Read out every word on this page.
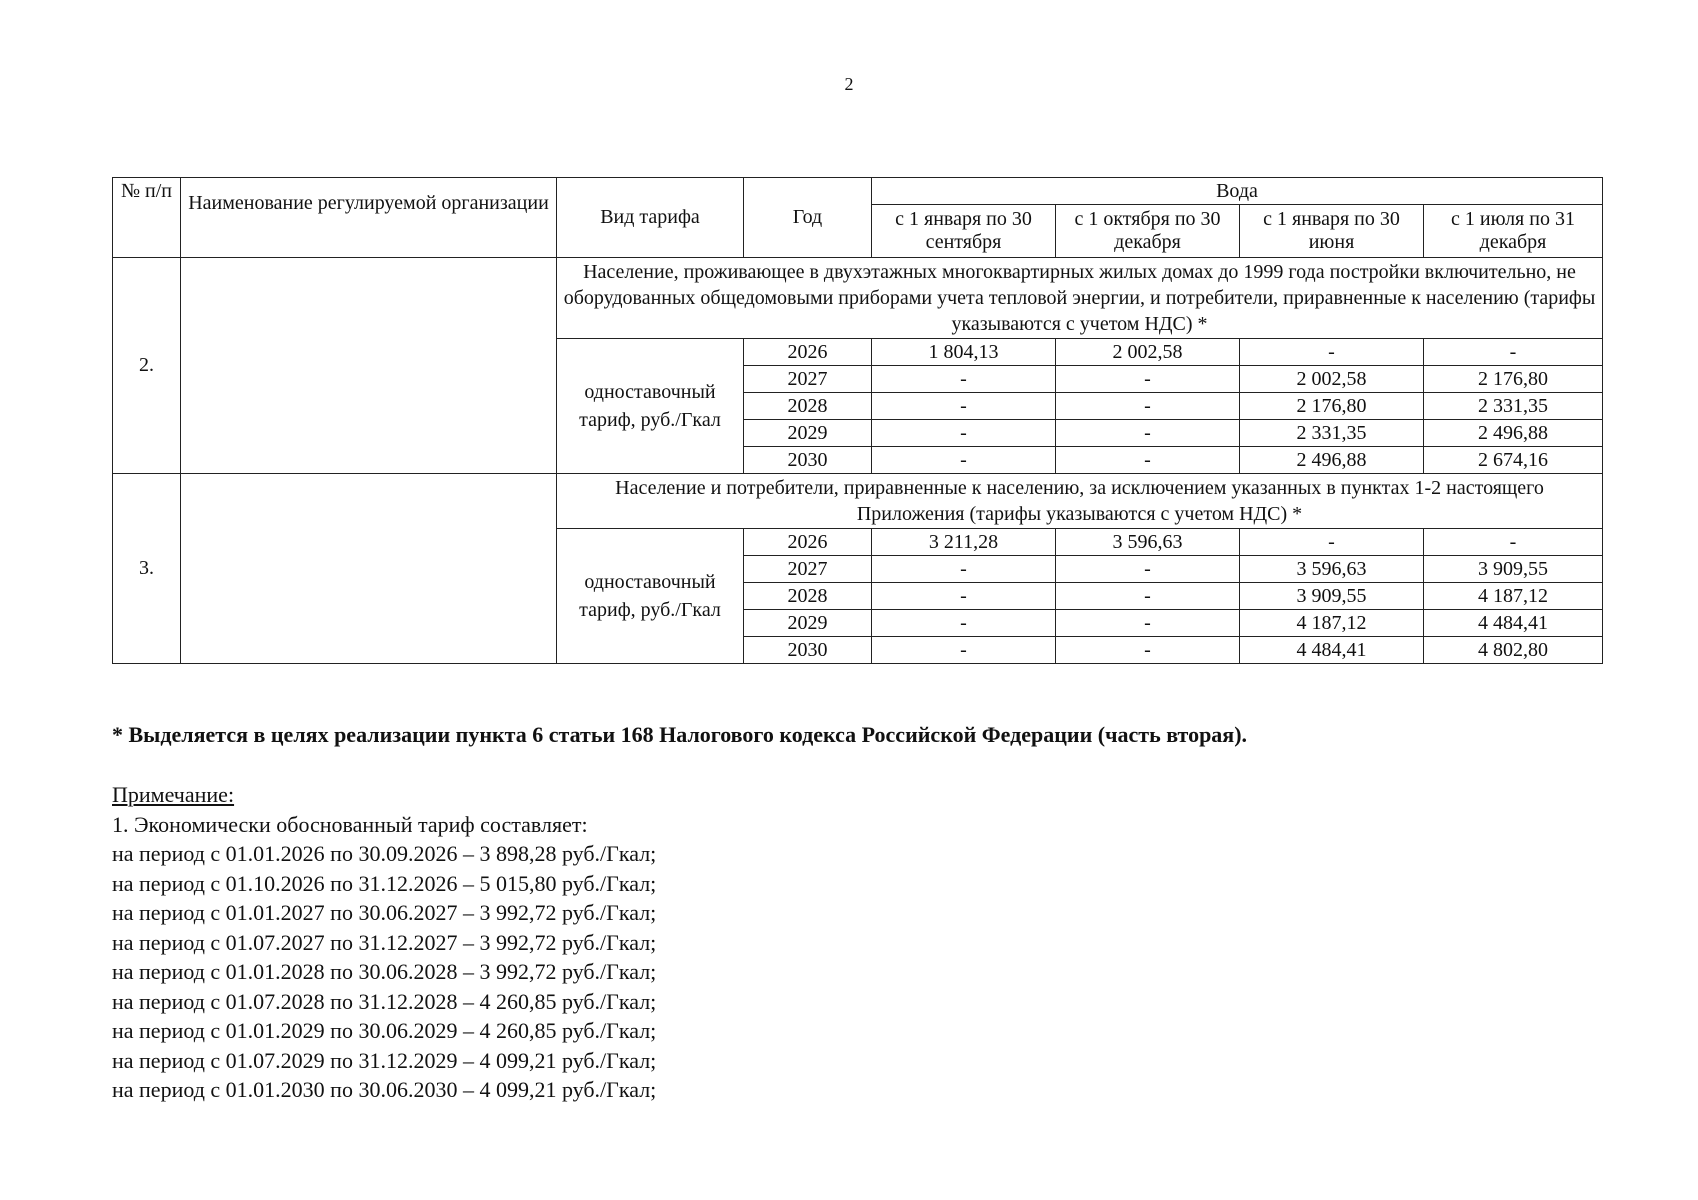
2
№ п/п	Наименование регулируемой организации	Вид тарифа	Год	Вода			
				с 1 января по 30 сентября	с 1 октября по 30 декабря	с 1 января по 30 июня	с 1 июля по 31 декабря
2.		Население, проживающее в двухэтажных многоквартирных жилых домах до 1999 года постройки включительно, не оборудованных общедомовыми приборами учета тепловой энергии, и потребители, приравненные к населению (тарифы указываются с учетом НДС) *					
		одноставочный тариф, руб./Гкал	2026	1 804,13	2 002,58	-	-
			2027	-	-	2 002,58	2 176,80
			2028	-	-	2 176,80	2 331,35
			2029	-	-	2 331,35	2 496,88
			2030	-	-	2 496,88	2 674,16
3.		Население и потребители, приравненные к населению, за исключением указанных в пунктах 1-2 настоящего Приложения (тарифы указываются с учетом НДС) *					
		одноставочный тариф, руб./Гкал	2026	3 211,28	3 596,63	-	-
			2027	-	-	3 596,63	3 909,55
			2028	-	-	3 909,55	4 187,12
			2029	-	-	4 187,12	4 484,41
			2030	-	-	4 484,41	4 802,80
* Выделяется в целях реализации пункта 6 статьи 168 Налогового кодекса Российской Федерации (часть вторая).
Примечание:
1. Экономически обоснованный тариф составляет:
на период с 01.01.2026 по 30.09.2026 – 3 898,28 руб./Гкал;
на период с 01.10.2026 по 31.12.2026 – 5 015,80 руб./Гкал;
на период с 01.01.2027 по 30.06.2027 – 3 992,72 руб./Гкал;
на период с 01.07.2027 по 31.12.2027 – 3 992,72 руб./Гкал;
на период с 01.01.2028 по 30.06.2028 – 3 992,72 руб./Гкал;
на период с 01.07.2028 по 31.12.2028 – 4 260,85 руб./Гкал;
на период с 01.01.2029 по 30.06.2029 – 4 260,85 руб./Гкал;
на период с 01.07.2029 по 31.12.2029 – 4 099,21 руб./Гкал;
на период с 01.01.2030 по 30.06.2030 – 4 099,21 руб./Гкал;
